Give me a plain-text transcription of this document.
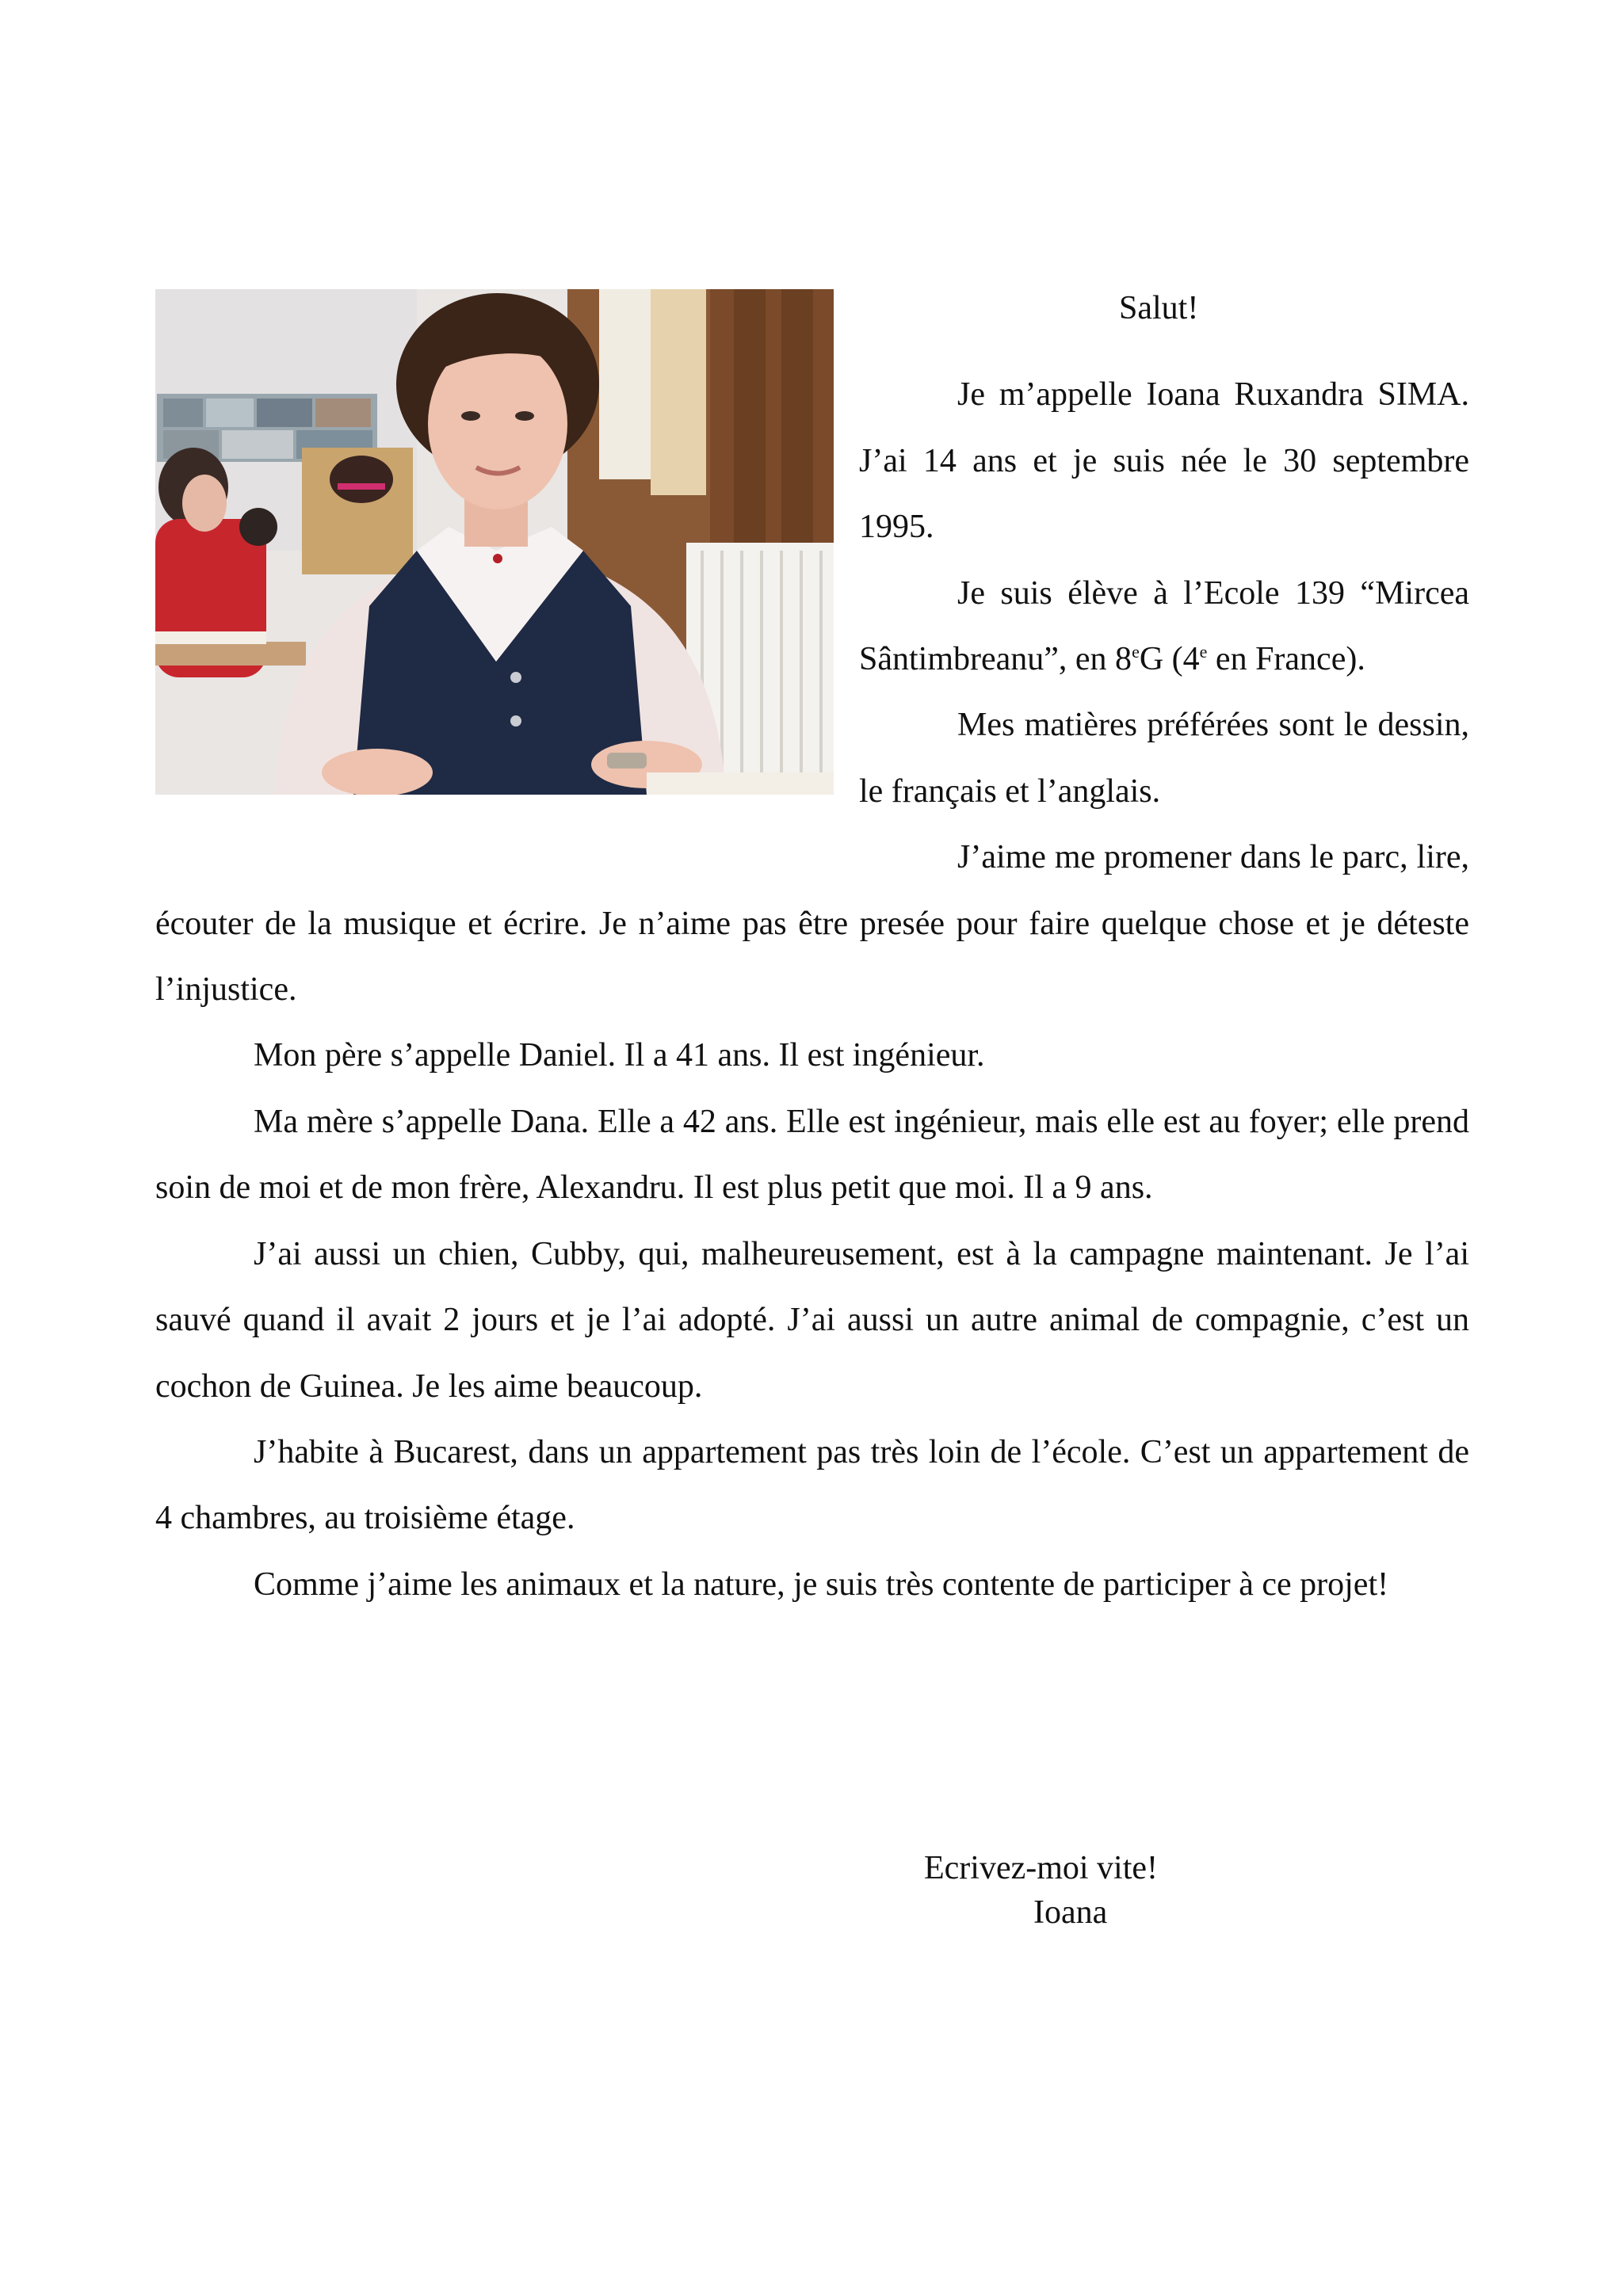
Salut!

Je m’appelle Ioana Ruxandra SIMA. J’ai 14 ans et je suis née le 30 septembre 1995.

Je suis élève à l’Ecole 139 “Mircea Sântimbreanu”, en 8eG (4e en France).

Mes matières préférées sont le dessin, le français et l’anglais.

J’aime me promener dans le parc, lire, écouter de la musique et écrire. Je n’aime pas être presée pour faire quelque chose et je déteste l’injustice.

Mon père s’appelle Daniel. Il a 41 ans. Il est ingénieur.

Ma mère s’appelle Dana. Elle a 42 ans. Elle est ingénieur, mais elle est au foyer; elle prend soin de moi et de mon frère, Alexandru. Il est plus petit que moi. Il a 9 ans.

J’ai aussi un chien, Cubby, qui, malheureusement, est à la campagne maintenant. Je l’ai sauvé quand il avait 2 jours et je l’ai adopté. J’ai aussi un autre animal de compagnie, c’est un cochon de Guinea. Je les aime beaucoup.

J’habite à Bucarest, dans un appartement pas très loin de l’école. C’est un appartement de 4 chambres, au troisième étage.

Comme j’aime les animaux et la nature, je suis très contente de participer à ce projet!

Ecrivez-moi vite!
Ioana
